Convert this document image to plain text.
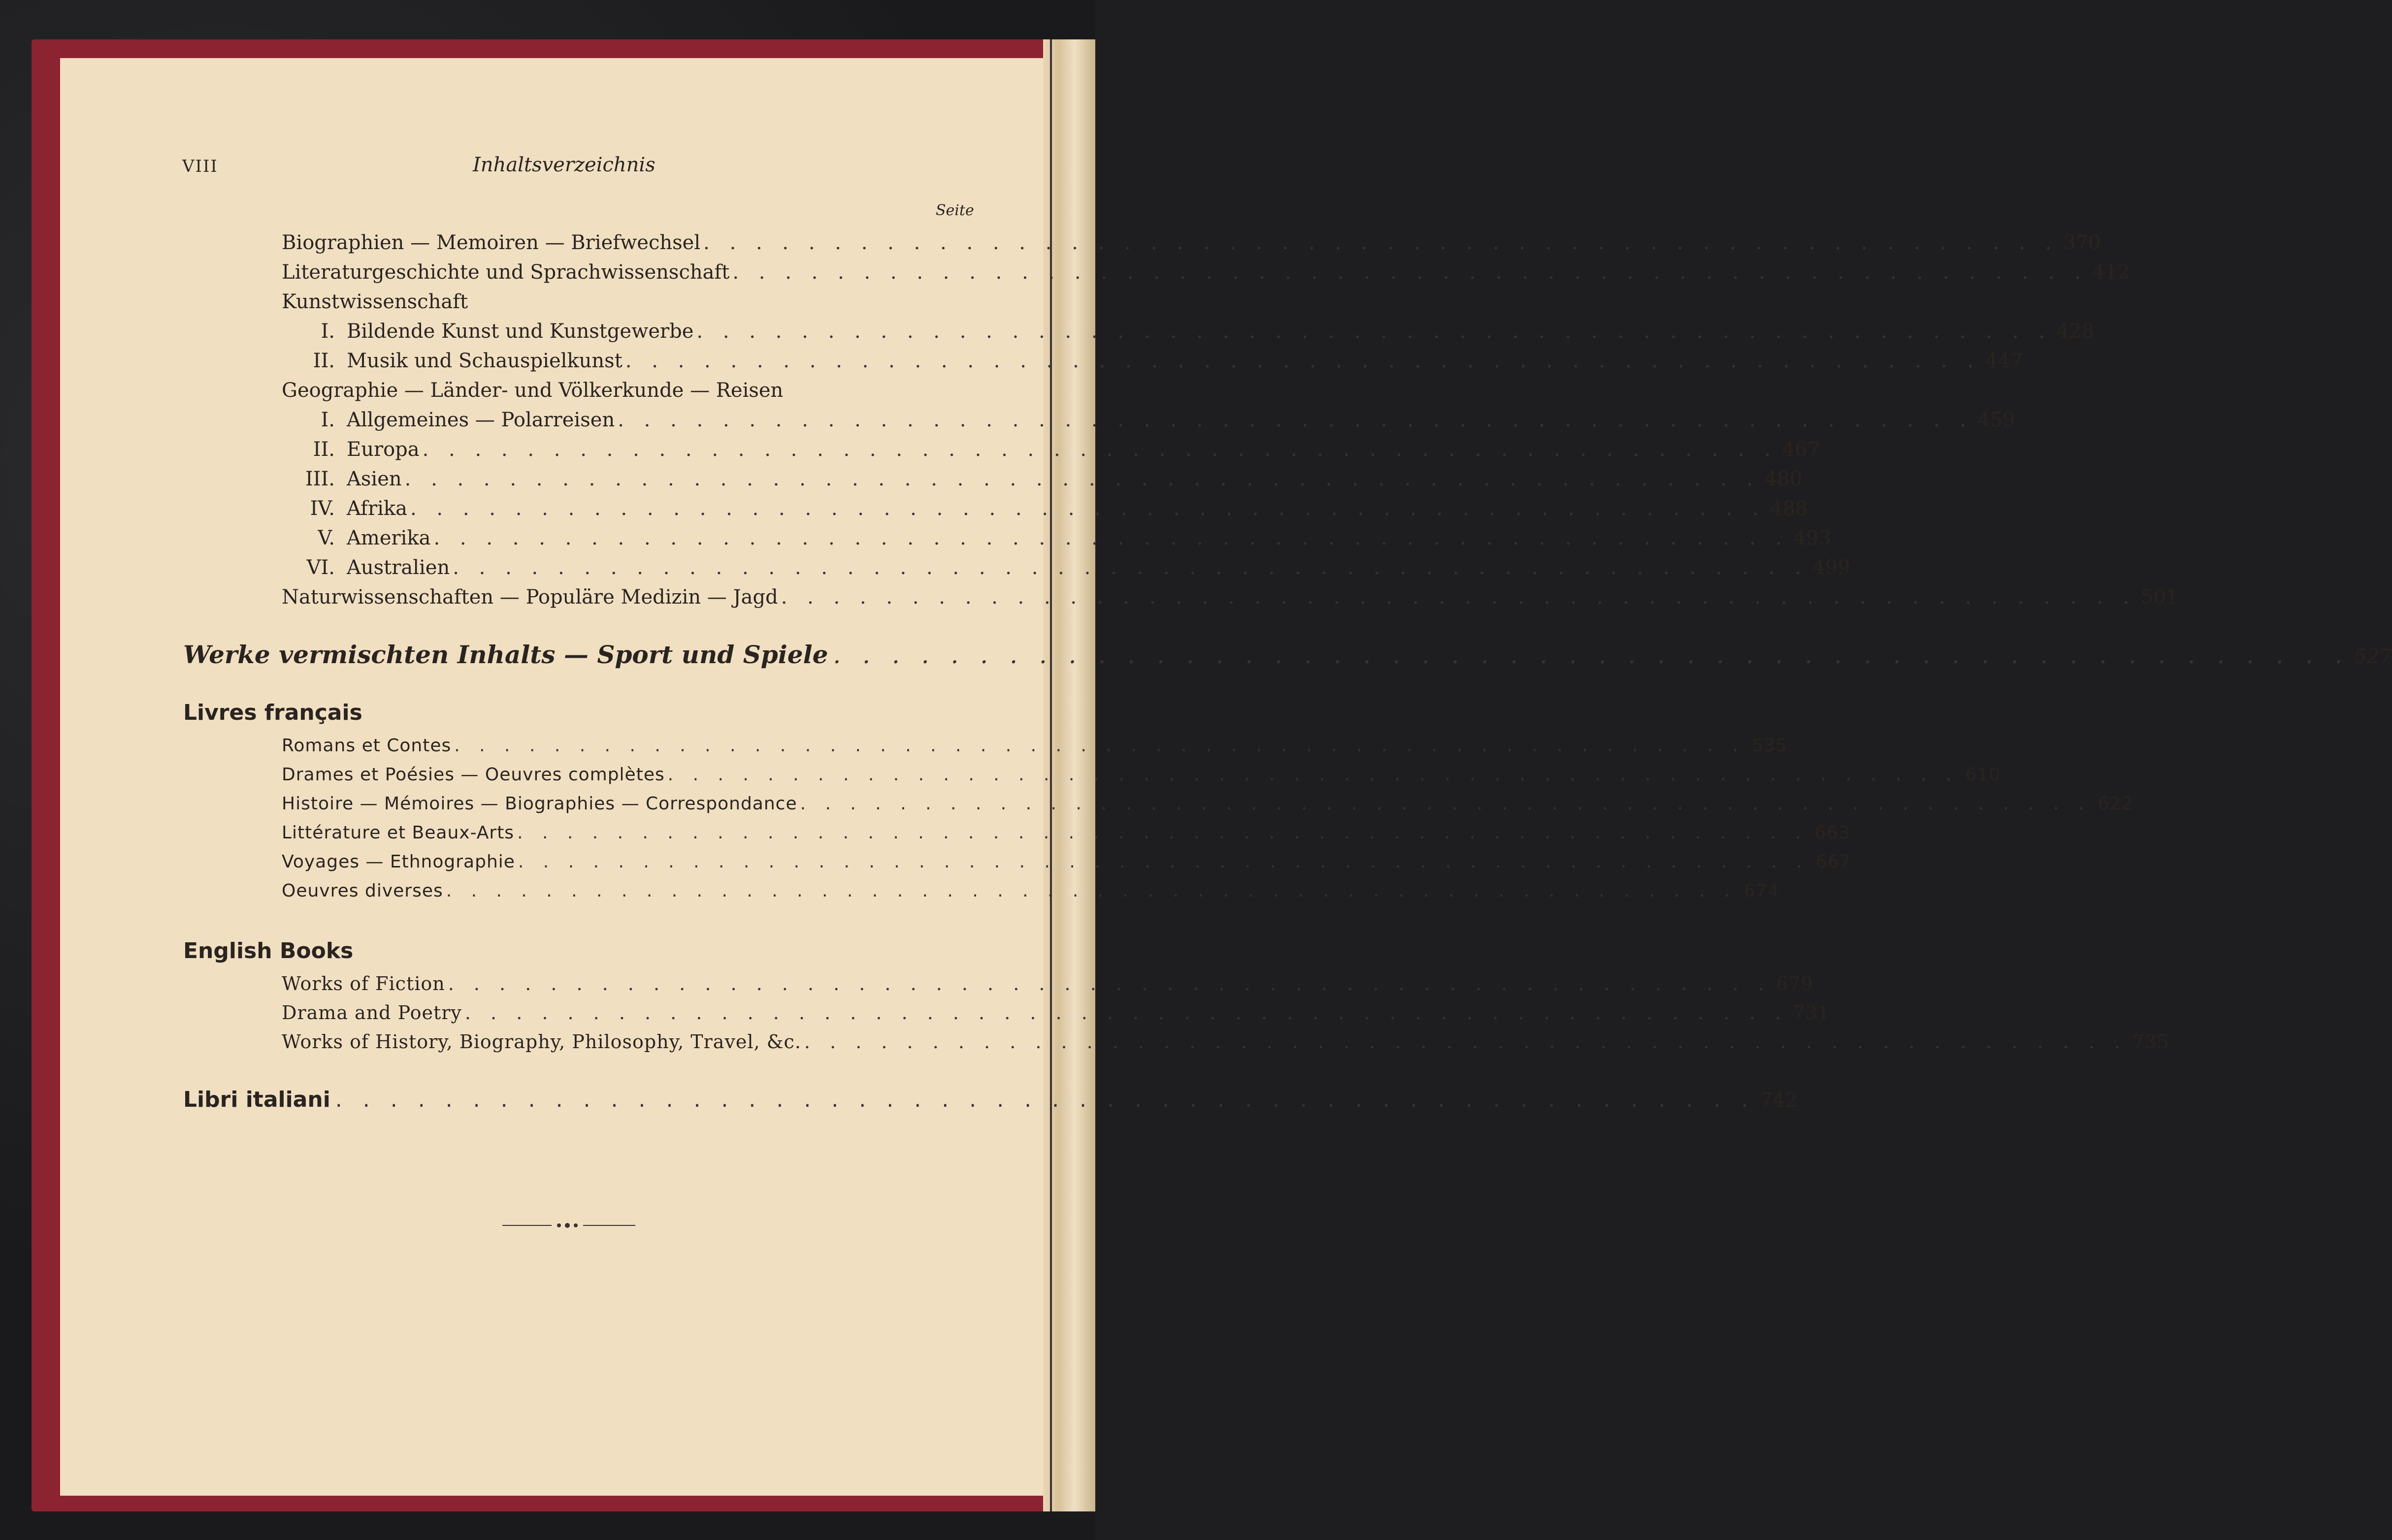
VIII	Inhaltsverzeichnis
Seite
Biographien — Memoiren — Briefwechsel . . . . . . . . . . . . . . . . . . . . . . . . . . . . . . . . . . . . . . . . . . . . . . . . . . . . 370
Literaturgeschichte und Sprachwissenschaft . . . . . . . . . . . . . . . . . . . . . . . . . . . . . . . . . . . . . . . . . . . . . . . . . . . . 412
Kunstwissenschaft
I. Bildende Kunst und Kunstgewerbe . . . . . . . . . . . . . . . . . . . . . . . . . . . . . . . . . . . . . . . . . . . . . . . . . . . . 428
II. Musik und Schauspielkunst . . . . . . . . . . . . . . . . . . . . . . . . . . . . . . . . . . . . . . . . . . . . . . . . . . . . 447
Geographie — Länder- und Völkerkunde — Reisen
I. Allgemeines — Polarreisen . . . . . . . . . . . . . . . . . . . . . . . . . . . . . . . . . . . . . . . . . . . . . . . . . . . . 459
II. Europa . . . . . . . . . . . . . . . . . . . . . . . . . . . . . . . . . . . . . . . . . . . . . . . . . . . . 467
III. Asien . . . . . . . . . . . . . . . . . . . . . . . . . . . . . . . . . . . . . . . . . . . . . . . . . . . . 480
IV. Afrika . . . . . . . . . . . . . . . . . . . . . . . . . . . . . . . . . . . . . . . . . . . . . . . . . . . . 488
V. Amerika . . . . . . . . . . . . . . . . . . . . . . . . . . . . . . . . . . . . . . . . . . . . . . . . . . . . 493
VI. Australien . . . . . . . . . . . . . . . . . . . . . . . . . . . . . . . . . . . . . . . . . . . . . . . . . . . . 499
Naturwissenschaften — Populäre Medizin — Jagd . . . . . . . . . . . . . . . . . . . . . . . . . . . . . . . . . . . . . . . . . . . . . . . . . . . . 501
Werke vermischten Inhalts — Sport und Spiele . . . . . . . . . . . . . . . . . . . . . . . . . . . . . . . . . . . . . . . . . . . . . . . . . . . . 527
Livres français
Romans et Contes . . . . . . . . . . . . . . . . . . . . . . . . . . . . . . . . . . . . . . . . . . . . . . . . . . . . 535
Drames et Poésies — Oeuvres complètes . . . . . . . . . . . . . . . . . . . . . . . . . . . . . . . . . . . . . . . . . . . . . . . . . . . . 610
Histoire — Mémoires — Biographies — Correspondance . . . . . . . . . . . . . . . . . . . . . . . . . . . . . . . . . . . . . . . . . . . . . . . . . . . . 622
Littérature et Beaux-Arts . . . . . . . . . . . . . . . . . . . . . . . . . . . . . . . . . . . . . . . . . . . . . . . . . . . . 663
Voyages — Ethnographie . . . . . . . . . . . . . . . . . . . . . . . . . . . . . . . . . . . . . . . . . . . . . . . . . . . . 667
Oeuvres diverses . . . . . . . . . . . . . . . . . . . . . . . . . . . . . . . . . . . . . . . . . . . . . . . . . . . . 674
English Books
Works of Fiction . . . . . . . . . . . . . . . . . . . . . . . . . . . . . . . . . . . . . . . . . . . . . . . . . . . . 679
Drama and Poetry . . . . . . . . . . . . . . . . . . . . . . . . . . . . . . . . . . . . . . . . . . . . . . . . . . . . 731
Works of History, Biography, Philosophy, Travel, &c. . . . . . . . . . . . . . . . . . . . . . . . . . . . . . . . . . . . . . . . . . . . . . . . . . . . . 735
Libri italiani . . . . . . . . . . . . . . . . . . . . . . . . . . . . . . . . . . . . . . . . . . . . . . . . . . . . 742
